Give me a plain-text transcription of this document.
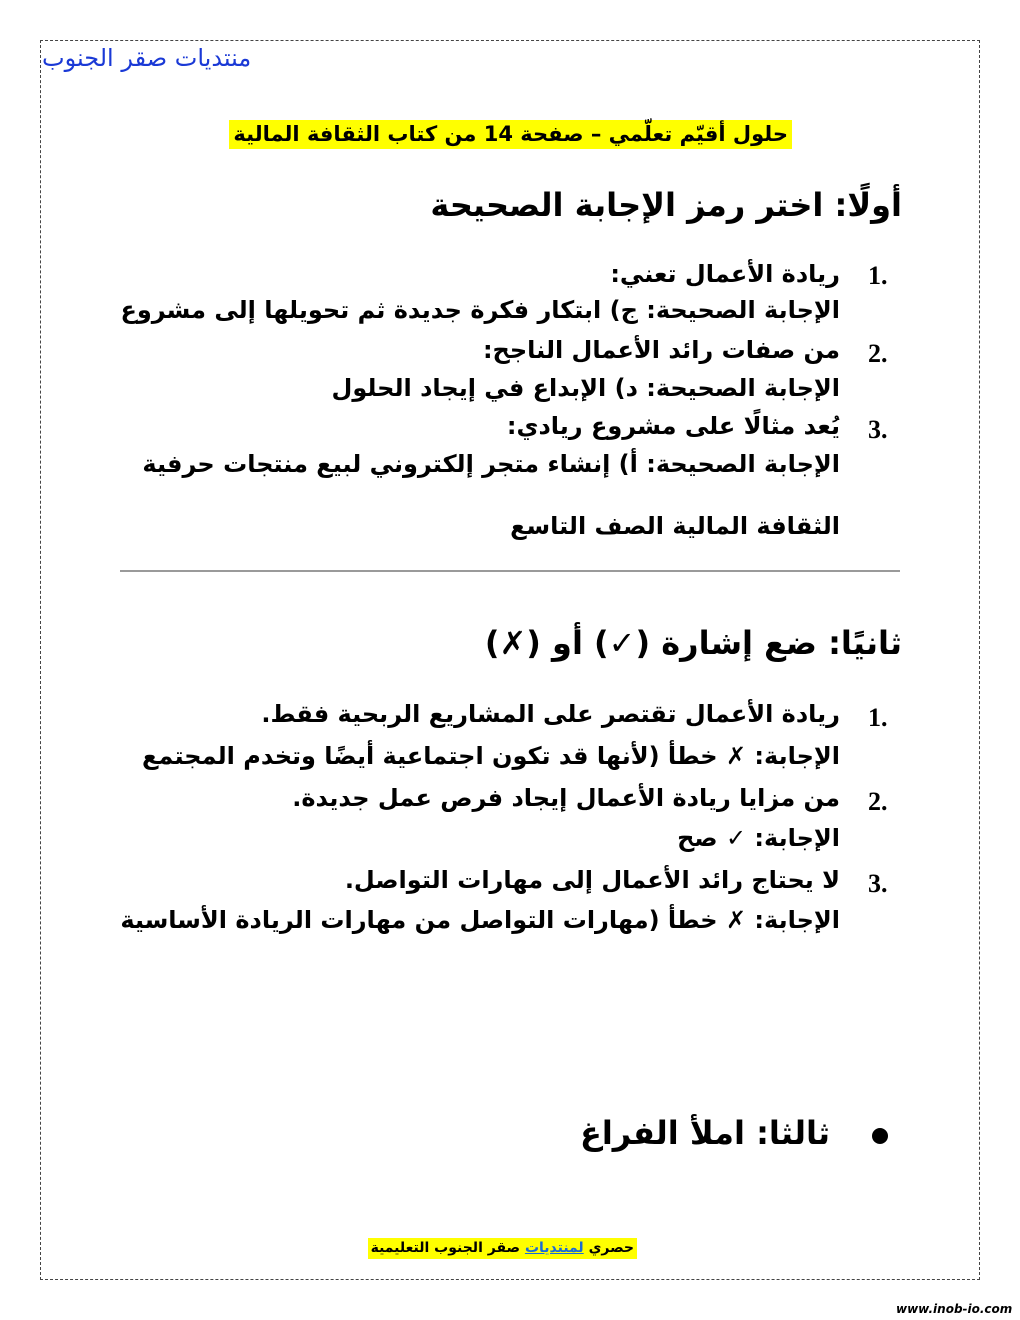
منتديات صقر الجنوب
حلول أقيّم تعلّمي – صفحة 14 من كتاب الثقافة المالية
أولًا: اختر رمز الإجابة الصحيحة
1.
ريادة الأعمال تعني:
الإجابة الصحيحة: ج) ابتكار فكرة جديدة ثم تحويلها إلى مشروع
2.
من صفات رائد الأعمال الناجح:
الإجابة الصحيحة: د) الإبداع في إيجاد الحلول
3.
يُعد مثالًا على مشروع ريادي:
الإجابة الصحيحة: أ) إنشاء متجر إلكتروني لبيع منتجات حرفية
الثقافة المالية الصف التاسع
ثانيًا: ضع إشارة (✓) أو (✗)
1.
ريادة الأعمال تقتصر على المشاريع الربحية فقط.
الإجابة: ✗ خطأ (لأنها قد تكون اجتماعية أيضًا وتخدم المجتمع
2.
من مزايا ريادة الأعمال إيجاد فرص عمل جديدة.
الإجابة: ✓ صح
3.
لا يحتاج رائد الأعمال إلى مهارات التواصل.
الإجابة: ✗ خطأ (مهارات التواصل من مهارات الريادة الأساسية
ثالثا: املأ الفراغ
حصري لمنتديات صقر الجنوب التعليمية
www.inob-io.com
